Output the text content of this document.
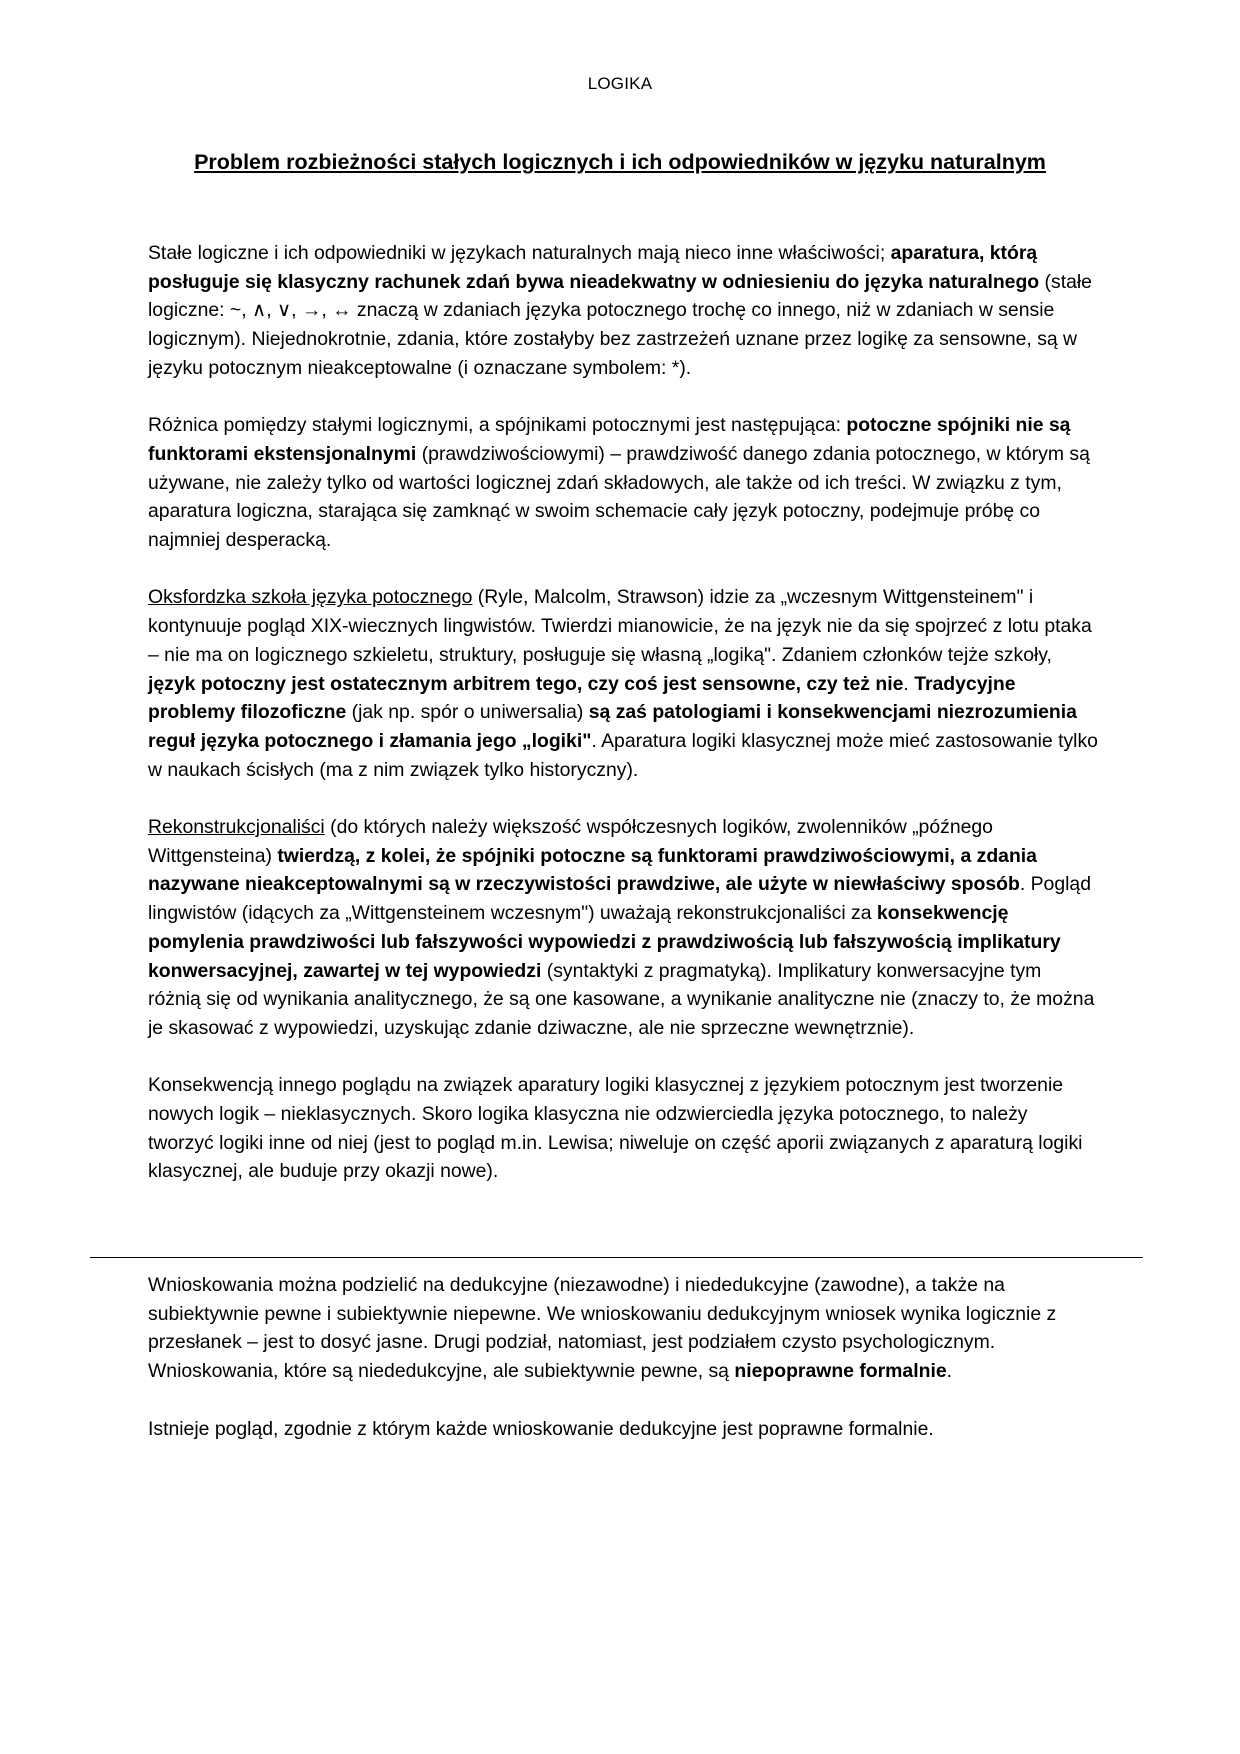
LOGIKA
Problem rozbieżności stałych logicznych i ich odpowiedników w języku naturalnym

Stałe logiczne i ich odpowiedniki w językach naturalnych mają nieco inne właściwości; aparatura, którą posługuje się klasyczny rachunek zdań bywa nieadekwatny w odniesieniu do języka naturalnego (stałe logiczne: ~, ∧, ∨, →, ↔ znaczą w zdaniach języka potocznego trochę co innego, niż w zdaniach w sensie logicznym). Niejednokrotnie, zdania, które zostałyby bez zastrzeżeń uznane przez logikę za sensowne, są w języku potocznym nieakceptowalne (i oznaczane symbolem: *).

Różnica pomiędzy stałymi logicznymi, a spójnikami potocznymi jest następująca: potoczne spójniki nie są funktorami ekstensjonalnymi (prawdziwościowymi) – prawdziwość danego zdania potocznego, w którym są używane, nie zależy tylko od wartości logicznej zdań składowych, ale także od ich treści. W związku z tym, aparatura logiczna, starająca się zamknąć w swoim schemacie cały język potoczny, podejmuje próbę co najmniej desperacką.

Oksfordzka szkoła języka potocznego (Ryle, Malcolm, Strawson) idzie za „wczesnym Wittgensteinem" i kontynuuje pogląd XIX-wiecznych lingwistów. Twierdzi mianowicie, że na język nie da się spojrzeć z lotu ptaka – nie ma on logicznego szkieletu, struktury, posługuje się własną „logiką". Zdaniem członków tejże szkoły, język potoczny jest ostatecznym arbitrem tego, czy coś jest sensowne, czy też nie. Tradycyjne problemy filozoficzne (jak np. spór o uniwersalia) są zaś patologiami i konsekwencjami niezrozumienia reguł języka potocznego i złamania jego „logiki". Aparatura logiki klasycznej może mieć zastosowanie tylko w naukach ścisłych (ma z nim związek tylko historyczny).

Rekonstrukcjonaliści (do których należy większość współczesnych logików, zwolenników „późnego Wittgensteina) twierdzą, z kolei, że spójniki potoczne są funktorami prawdziwościowymi, a zdania nazywane nieakceptowalnymi są w rzeczywistości prawdziwe, ale użyte w niewłaściwy sposób. Pogląd lingwistów (idących za „Wittgensteinem wczesnym") uważają rekonstrukcjonaliści za konsekwencję pomylenia prawdziwości lub fałszywości wypowiedzi z prawdziwością lub fałszywością implikatury konwersacyjnej, zawartej w tej wypowiedzi (syntaktyki z pragmatyką). Implikatury konwersacyjne tym różnią się od wynikania analitycznego, że są one kasowane, a wynikanie analityczne nie (znaczy to, że można je skasować z wypowiedzi, uzyskując zdanie dziwaczne, ale nie sprzeczne wewnętrznie).

Konsekwencją innego poglądu na związek aparatury logiki klasycznej z językiem potocznym jest tworzenie nowych logik – nieklasycznych. Skoro logika klasyczna nie odzwierciedla języka potocznego, to należy tworzyć logiki inne od niej (jest to pogląd m.in. Lewisa; niweluje on część aporii związanych z aparaturą logiki klasycznej, ale buduje przy okazji nowe).

Wnioskowania można podzielić na dedukcyjne (niezawodne) i niededukcyjne (zawodne), a także na subiektywnie pewne i subiektywnie niepewne. We wnioskowaniu dedukcyjnym wniosek wynika logicznie z przesłanek – jest to dosyć jasne. Drugi podział, natomiast, jest podziałem czysto psychologicznym. Wnioskowania, które są niededukcyjne, ale subiektywnie pewne, są niepoprawne formalnie.

Istnieje pogląd, zgodnie z którym każde wnioskowanie dedukcyjne jest poprawne formalnie.
